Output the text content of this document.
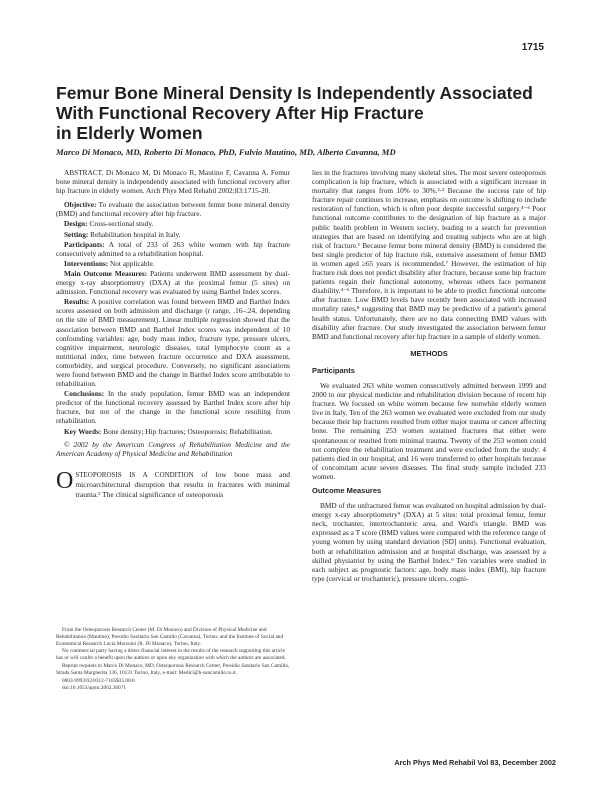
1715
Femur Bone Mineral Density Is Independently Associated
With Functional Recovery After Hip Fracture
in Elderly Women
Marco Di Monaco, MD, Roberto Di Monaco, PhD, Fulvio Mautino, MD, Alberto Cavanna, MD

ABSTRACT. Di Monaco M, Di Monaco R, Mautino F, Cavanna A. Femur bone mineral density is independently associated with functional recovery after hip fracture in elderly women. Arch Phys Med Rehabil 2002;83:1715-20.

Objective: To evaluate the association between femur bone mineral density (BMD) and functional recovery after hip fracture.

Design: Cross-sectional study.

Setting: Rehabilitation hospital in Italy.

Participants: A total of 233 of 263 white women with hip fracture consecutively admitted to a rehabilitation hospital.

Interventions: Not applicable.

Main Outcome Measures: Patients underwent BMD assessment by dual-energy x-ray absorptiometry (DXA) at the proximal femur (5 sites) on admission. Functional recovery was evaluated by using Barthel Index scores.

Results: A positive correlation was found between BMD and Barthel Index scores assessed on both admission and discharge (r range, .16–.24, depending on the site of BMD measurement). Linear multiple regression showed that the association between BMD and Barthel Index scores was independent of 10 confounding variables: age, body mass index, fracture type, pressure ulcers, cognitive impairment, neurologic diseases, total lymphocyte count as a nutritional index, time between fracture occurrence and DXA assessment, comorbidity, and surgical procedure. Conversely, no significant associations were found between BMD and the change in Barthel Index score attributable to rehabilitation.

Conclusions: In the study population, femur BMD was an independent predictor of the functional recovery assessed by Barthel Index score after hip fracture, but not of the change in the functional score resulting from rehabilitation.

Key Words: Bone density; Hip fractures; Osteoporosis; Rehabilitation.

© 2002 by the American Congress of Rehabilitation Medicine and the American Academy of Physical Medicine and Rehabilitation

OSTEOPOROSIS IS A CONDITION of low bone mass and microarchitectural disruption that results in fractures with minimal trauma.¹ The clinical significance of osteoporosis

From the Osteoporosis Research Center (M. Di Monaco) and Division of Physical Medicine and Rehabilitation (Mautino), Presidio Sanitario San Camillo (Cavanna), Torino; and the Institute of Social and Economical Research Lucia Morosini (R. Di Monaco), Torino, Italy.

No commercial party having a direct financial interest in the results of the research supporting this article has or will confer a benefit upon the authors or upon any organization with which the authors are associated.

Reprint requests to Marco Di Monaco, MD, Osteoporosis Research Center, Presidio Sanitario San Camillo, Strada Santa Margherita 136, 10131 Torino, Italy, e-mail: Medici@h-sancamillo.to.it.

0003-9993/02/8312-7165$35.00/0

doi:10.1053/apmr.2002.36071

lies in the fractures involving many skeletal sites. The most severe osteoporosis complication is hip fracture, which is associated with a significant increase in mortality that ranges from 10% to 30%.²·³ Because the success rate of hip fracture repair continues to increase, emphasis on outcome is shifting to include restoration of function, which is often poor despite successful surgery.⁴⁻⁶ Poor functional outcome contributes to the designation of hip fracture as a major public health problem in Western society, leading to a search for prevention strategies that are based on identifying and treating subjects who are at high risk of fracture.¹ Because femur bone mineral density (BMD) is considered the best single predictor of hip fracture risk, extensive assessment of femur BMD in women aged ≥65 years is recommended.⁷ However, the estimation of hip fracture risk does not predict disability after fracture, because some hip fracture patients regain their functional autonomy, whereas others face permanent disability.⁴⁻⁶ Therefore, it is important to be able to predict functional outcome after fracture. Low BMD levels have recently been associated with increased mortality rates,⁸ suggesting that BMD may be predictive of a patient's general health status. Unfortunately, there are no data connecting BMD values with disability after fracture. Our study investigated the association between femur BMD and functional recovery after hip fracture in a sample of elderly women.

METHODS

Participants

We evaluated 263 white women consecutively admitted between 1999 and 2000 to our physical medicine and rehabilitation division because of recent hip fracture. We focused on white women because few nonwhite elderly women live in Italy. Ten of the 263 women we evaluated were excluded from our study because their hip fractures resulted from either major trauma or cancer affecting bone. The remaining 253 women sustained fractures that either were spontaneous or resulted from minimal trauma. Twenty of the 253 women could not complete the rehabilitation treatment and were excluded from the study: 4 patients died in our hospital, and 16 were transferred to other hospitals because of concomitant acute severe diseases. The final study sample included 233 women.

Outcome Measures

BMD of the unfractured femur was evaluated on hospital admission by dual-energy x-ray absorptiometry⁹ (DXA) at 5 sites: total proximal femur, femur neck, trochanter, intertrochanteric area, and Ward's triangle. BMD was expressed as a T score (BMD values were compared with the reference range of young women by using standard deviation [SD] units). Functional evaluation, both at rehabilitation admission and at hospital discharge, was assessed by a skilled physiatrist by using the Barthel Index.⁹ Ten variables were studied in each subject as prognostic factors: age, body mass index (BMI), hip fracture type (cervical or trochanteric), pressure ulcers, cogni-

Arch Phys Med Rehabil Vol 83, December 2002
